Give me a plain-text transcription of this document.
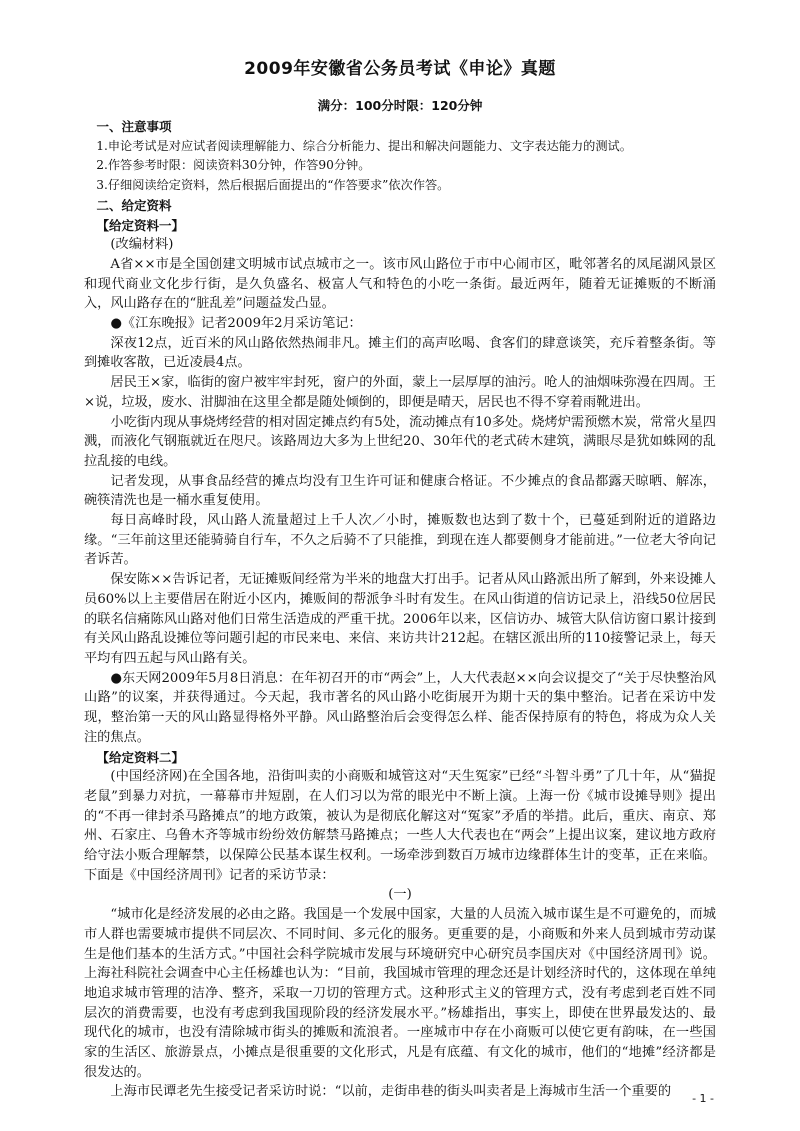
2009年安徽省公务员考试《申论》真题

满分：100分时限：120分钟

一、注意事项

1.申论考试是对应试者阅读理解能力、综合分析能力、提出和解决问题能力、文字表达能力的测试。

2.作答参考时限：阅读资料30分钟，作答90分钟。

3.仔细阅读给定资料，然后根据后面提出的“作答要求”依次作答。

二、给定资料

【给定资料一】

(改编材料)

A省××市是全国创建文明城市试点城市之一。该市风山路位于市中心闹市区，毗邻著名的凤尾湖风景区和现代商业文化步行街，是久负盛名、极富人气和特色的小吃一条街。最近两年，随着无证摊贩的不断涌入，风山路存在的“脏乱差”问题益发凸显。

●《江东晚报》记者2009年2月采访笔记：

深夜12点，近百米的风山路依然热闹非凡。摊主们的高声吆喝、食客们的肆意谈笑，充斥着整条街。等到摊收客散，已近凌晨4点。

居民王×家，临街的窗户被牢牢封死，窗户的外面，蒙上一层厚厚的油污。呛人的油烟味弥漫在四周。王×说，垃圾，废水、泔脚油在这里全都是随处倾倒的，即便是晴天，居民也不得不穿着雨靴进出。

小吃街内现从事烧烤经营的相对固定摊点约有5处，流动摊点有10多处。烧烤炉需预燃木炭，常常火星四溅，而液化气钢瓶就近在咫尺。该路周边大多为上世纪20、30年代的老式砖木建筑，满眼尽是犹如蛛网的乱拉乱接的电线。

记者发现，从事食品经营的摊点均没有卫生许可证和健康合格证。不少摊点的食品都露天晾晒、解冻，碗筷清洗也是一桶水重复使用。

每日高峰时段，风山路人流量超过上千人次／小时，摊贩数也达到了数十个，已蔓延到附近的道路边缘。“三年前这里还能骑骑自行车，不久之后骑不了只能推，到现在连人都要侧身才能前进。”一位老大爷向记者诉苦。

保安陈××告诉记者，无证摊贩间经常为半米的地盘大打出手。记者从风山路派出所了解到，外来设摊人员60%以上主要借居在附近小区内，摊贩间的帮派争斗时有发生。在风山街道的信访记录上，沿线50位居民的联名信痛陈风山路对他们日常生活造成的严重干扰。2006年以来，区信访办、城管大队信访窗口累计接到有关风山路乱设摊位等问题引起的市民来电、来信、来访共计212起。在辖区派出所的110接警记录上，每天平均有四五起与风山路有关。

●东天网2009年5月8日消息：在年初召开的市“两会”上，人大代表赵××向会议提交了“关于尽快整治风山路”的议案，并获得通过。今天起，我市著名的风山路小吃街展开为期十天的集中整治。记者在采访中发现，整治第一天的风山路显得格外平静。风山路整治后会变得怎么样、能否保持原有的特色，将成为众人关注的焦点。

【给定资料二】

(中国经济网)在全国各地，沿街叫卖的小商贩和城管这对“天生冤家”已经“斗智斗勇”了几十年，从“猫捉老鼠”到暴力对抗，一幕幕市井短剧，在人们习以为常的眼光中不断上演。上海一份《城市设摊导则》提出的“不再一律封杀马路摊点”的地方政策，被认为是彻底化解这对“冤家”矛盾的举措。此后，重庆、南京、郑州、石家庄、乌鲁木齐等城市纷纷效仿解禁马路摊点；一些人大代表也在“两会”上提出议案，建议地方政府给守法小贩合理解禁，以保障公民基本谋生权利。一场牵涉到数百万城市边缘群体生计的变革，正在来临。下面是《中国经济周刊》记者的采访节录：

(一)

“城市化是经济发展的必由之路。我国是一个发展中国家，大量的人员流入城市谋生是不可避免的，而城市人群也需要城市提供不同层次、不同时间、多元化的服务。更重要的是，小商贩和外来人员到城市劳动谋生是他们基本的生活方式。”中国社会科学院城市发展与环境研究中心研究员李国庆对《中国经济周刊》说。上海社科院社会调查中心主任杨雄也认为：“目前，我国城市管理的理念还是计划经济时代的，这体现在单纯地追求城市管理的洁净、整齐，采取一刀切的管理方式。这种形式主义的管理方式，没有考虑到老百姓不同层次的消费需要，也没有考虑到我国现阶段的经济发展水平。”杨雄指出，事实上，即使在世界最发达的、最现代化的城市，也没有清除城市街头的摊贩和流浪者。一座城市中存在小商贩可以使它更有韵味，在一些国家的生活区、旅游景点，小摊点是很重要的文化形式，凡是有底蕴、有文化的城市，他们的“地摊”经济都是很发达的。

上海市民谭老先生接受记者采访时说：“以前，走街串巷的街头叫卖者是上海城市生活一个重要的	- 1 -
